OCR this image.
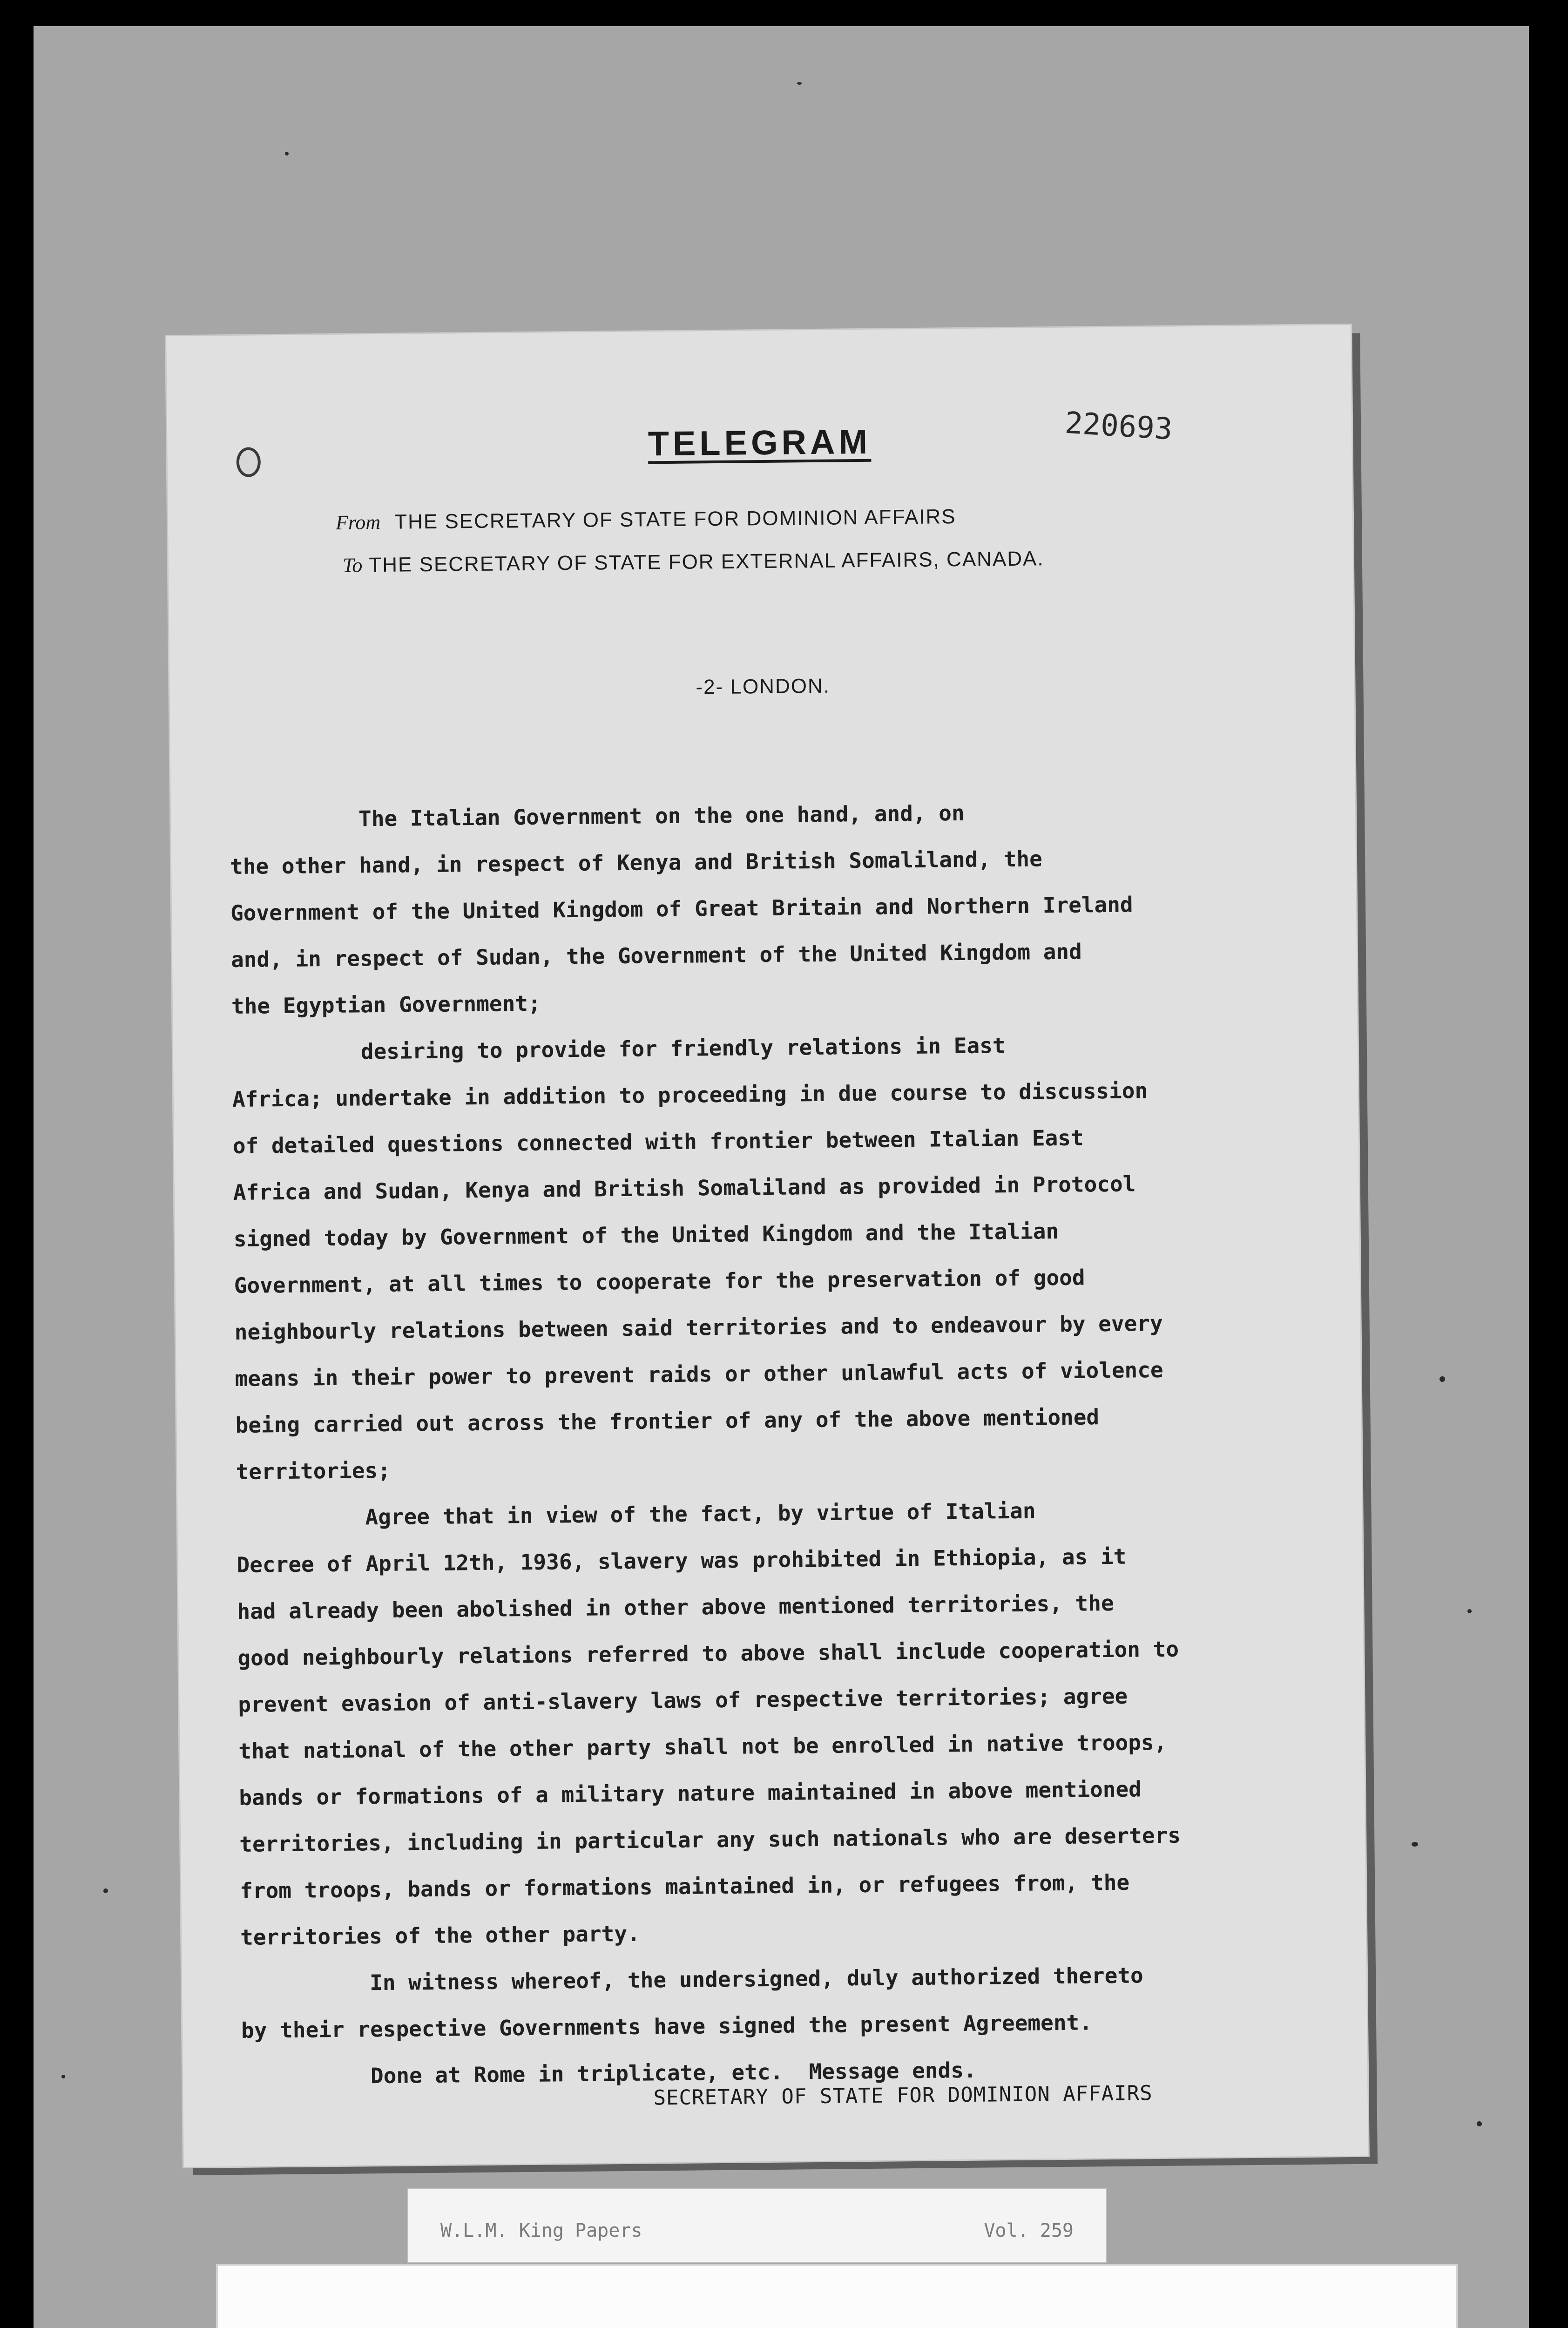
TELEGRAM	220693
From THE SECRETARY OF STATE FOR DOMINION AFFAIRS
To THE SECRETARY OF STATE FOR EXTERNAL AFFAIRS, CANADA.
-2- LONDON.
The Italian Government on the one hand, and, on
the other hand, in respect of Kenya and British Somaliland, the
Government of the United Kingdom of Great Britain and Northern Ireland
and, in respect of Sudan, the Government of the United Kingdom and
the Egyptian Government;
desiring to provide for friendly relations in East
Africa; undertake in addition to proceeding in due course to discussion
of detailed questions connected with frontier between Italian East
Africa and Sudan, Kenya and British Somaliland as provided in Protocol
signed today by Government of the United Kingdom and the Italian
Government, at all times to cooperate for the preservation of good
neighbourly relations between said territories and to endeavour by every
means in their power to prevent raids or other unlawful acts of violence
being carried out across the frontier of any of the above mentioned
territories;
Agree that in view of the fact, by virtue of Italian
Decree of April 12th, 1936, slavery was prohibited in Ethiopia, as it
had already been abolished in other above mentioned territories, the
good neighbourly relations referred to above shall include cooperation to
prevent evasion of anti-slavery laws of respective territories; agree
that national of the other party shall not be enrolled in native troops,
bands or formations of a military nature maintained in above mentioned
territories, including in particular any such nationals who are deserters
from troops, bands or formations maintained in, or refugees from, the
territories of the other party.
In witness whereof, the undersigned, duly authorized thereto
by their respective Governments have signed the present Agreement.
Done at Rome in triplicate, etc.  Message ends.
SECRETARY OF STATE FOR DOMINION AFFAIRS
W.L.M. King Papers	Vol. 259
